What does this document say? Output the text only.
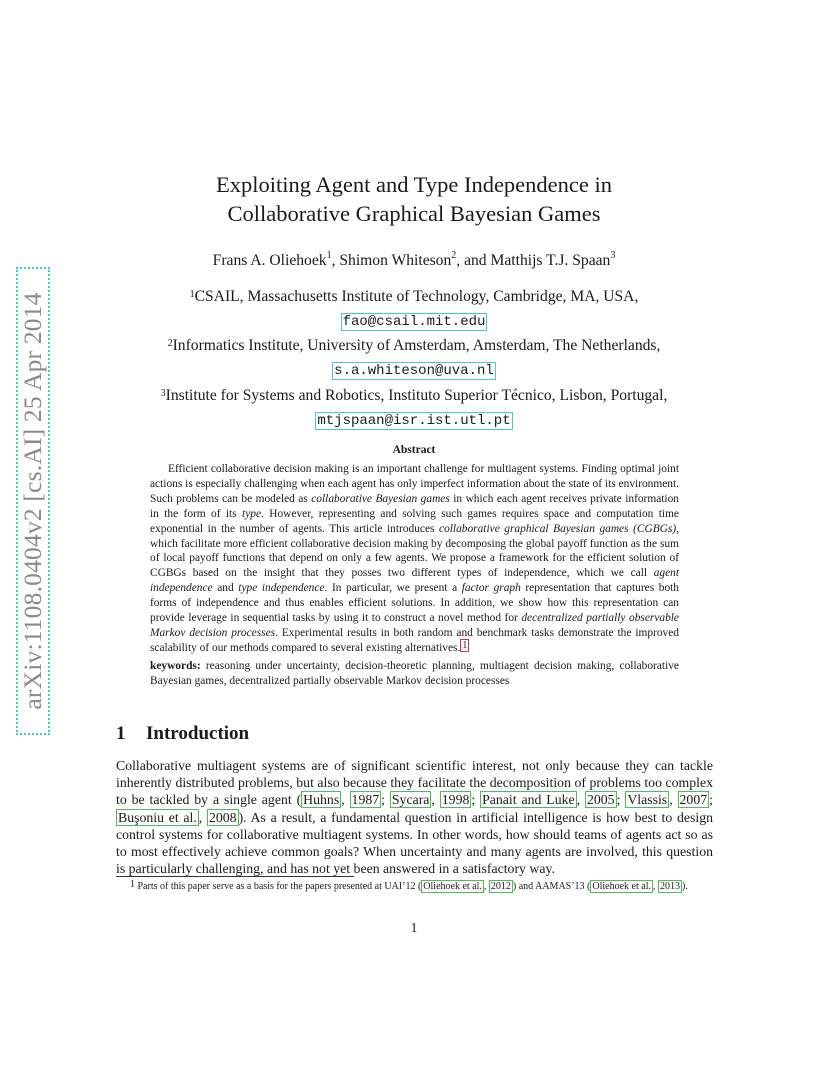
arXiv:1108.0404v2 [cs.AI] 25 Apr 2014
Exploiting Agent and Type Independence in
Collaborative Graphical Bayesian Games
Frans A. Oliehoek$^1$, Shimon Whiteson$^2$, and Matthijs T.J. Spaan$^3$
$^1$CSAIL, Massachusetts Institute of Technology, Cambridge, MA, USA,
fao@csail.mit.edu
$^2$Informatics Institute, University of Amsterdam, Amsterdam, The Netherlands,
s.a.whiteson@uva.nl
$^3$Institute for Systems and Robotics, Instituto Superior Técnico, Lisbon, Portugal,
mtjspaan@isr.ist.utl.pt
Abstract

Efficient collaborative decision making is an important challenge for multiagent systems. Finding optimal joint actions is especially challenging when each agent has only imperfect information about the state of its environment. Such problems can be modeled as collaborative Bayesian games in which each agent receives private information in the form of its type. However, representing and solving such games requires space and computation time exponential in the number of agents. This article introduces collaborative graphical Bayesian games (CGBGs), which facilitate more efficient collaborative decision making by decomposing the global payoff function as the sum of local payoff functions that depend on only a few agents. We propose a framework for the efficient solution of CGBGs based on the insight that they posses two different types of independence, which we call agent independence and type independence. In particular, we present a factor graph representation that captures both forms of independence and thus enables efficient solutions. In addition, we show how this representation can provide leverage in sequential tasks by using it to construct a novel method for decentralized partially observable Markov decision processes. Experimental results in both random and benchmark tasks demonstrate the improved scalability of our methods compared to several existing alternatives. $^1$

keywords: reasoning under uncertainty, decision-theoretic planning, multiagent decision making, collaborative Bayesian games, decentralized partially observable Markov decision processes

1 Introduction

Collaborative multiagent systems are of significant scientific interest, not only because they can tackle inherently distributed problems, but also because they facilitate the decomposition of problems too complex to be tackled by a single agent ( Huhns , 1987 ; Sycara , 1998 ; Panait and Luke , 2005 ; Vlassis , 2007 ; Buşoniu et al. , 2008 ). As a result, a fundamental question in artificial intelligence is how best to design control systems for collaborative multiagent systems. In other words, how should teams of agents act so as to most effectively achieve common goals? When uncertainty and many agents are involved, this question is particularly challenging, and has not yet been answered in a satisfactory way.

$^1$ Parts of this paper serve as a basis for the papers presented at UAI’12 ( Oliehoek et al. , 2012 ) and AAMAS’13 ( Oliehoek et al. , 2013 ).
1
